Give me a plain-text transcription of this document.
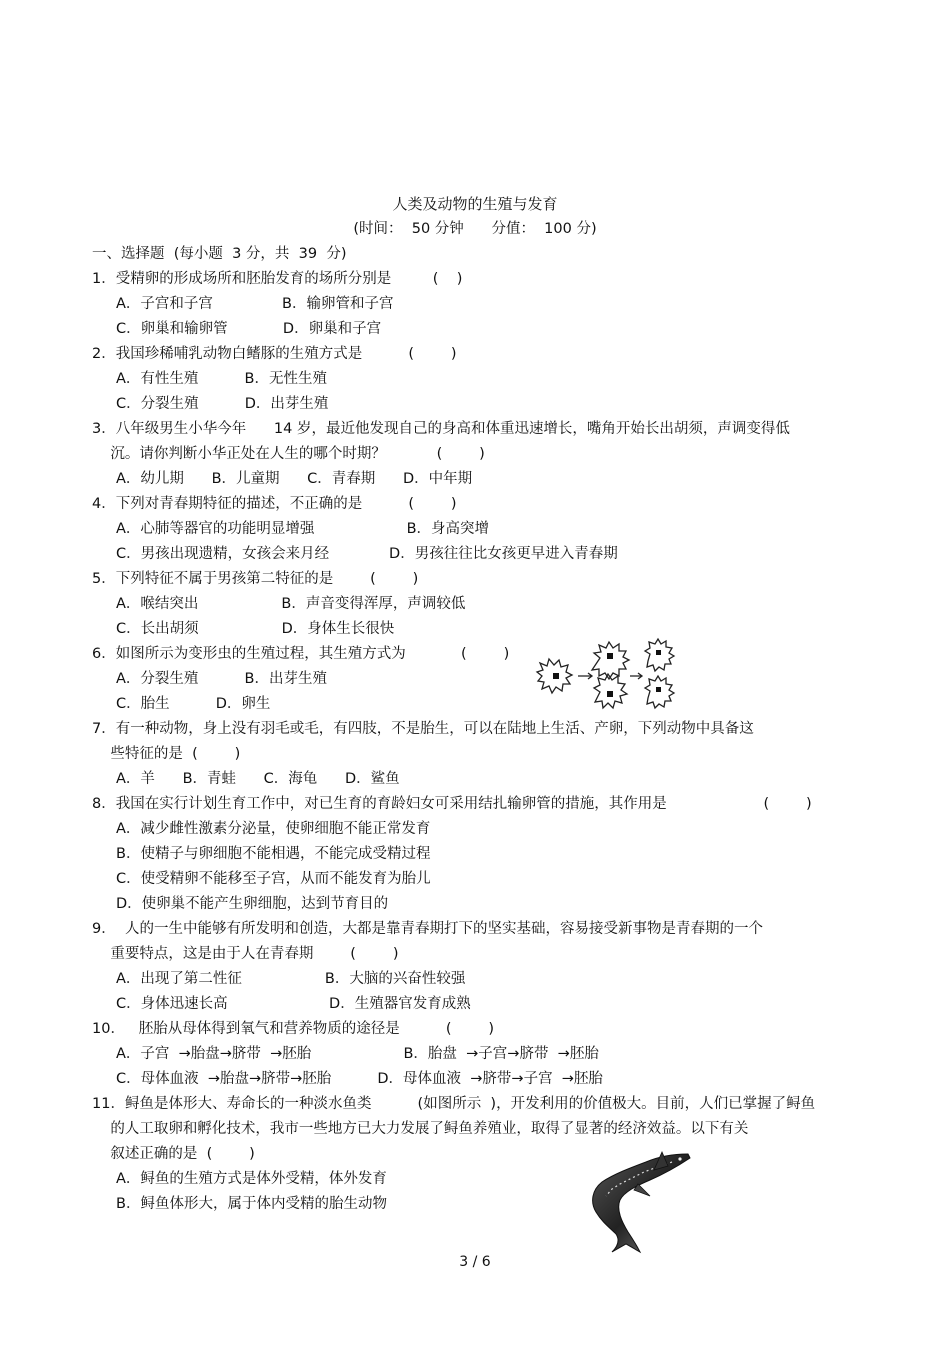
人类及动物的生殖与发育
(时间：  50 分钟      分值：  100 分)
一、选择题  (每小题  3 分，共  39  分)
1．受精卵的形成场所和胚胎发育的场所分别是         (    )
A．子宫和子宫               B．输卵管和子宫
C．卵巢和输卵管            D．卵巢和子宫
2．我国珍稀哺乳动物白鳍豚的生殖方式是          (        )
A．有性生殖          B．无性生殖
C．分裂生殖          D．出芽生殖
3．八年级男生小华今年      14 岁，最近他发现自己的身高和体重迅速增长，嘴角开始长出胡须，声调变得低
沉。请你判断小华正处在人生的哪个时期？           (        )
A．幼儿期      B．儿童期      C．青春期      D．中年期
4．下列对青春期特征的描述，不正确的是          (        )
A．心肺等器官的功能明显增强                    B．身高突增
C．男孩出现遗精，女孩会来月经             D．男孩往往比女孩更早进入青春期
5．下列特征不属于男孩第二特征的是        (        )
A．喉结突出                  B．声音变得浑厚，声调较低
C．长出胡须                  D．身体生长很快
6．如图所示为变形虫的生殖过程，其生殖方式为            (        )
A．分裂生殖          B．出芽生殖
C．胎生          D．卵生
7．有一种动物，身上没有羽毛或毛，有四肢，不是胎生，可以在陆地上生活、产卵，下列动物中具备这
些特征的是  (        )
A．羊      B．青蛙      C．海龟      D．鲨鱼
8．我国在实行计划生育工作中，对已生育的育龄妇女可采用结扎输卵管的措施，其作用是                     (        )
A．减少雌性激素分泌量，使卵细胞不能正常发育
B．使精子与卵细胞不能相遇，不能完成受精过程
C．使受精卵不能移至子宫，从而不能发育为胎儿
D．使卵巢不能产生卵细胞，达到节育目的
9．  人的一生中能够有所发明和创造，大都是靠青春期打下的坚实基础，容易接受新事物是青春期的一个
重要特点，这是由于人在青春期        (        )
A．出现了第二性征                  B．大脑的兴奋性较强
C．身体迅速长高                      D．生殖器官发育成熟
10．   胚胎从母体得到氧气和营养物质的途径是          (        )
A．子宫  →胎盘→脐带  →胚胎                    B．胎盘  →子宫→脐带  →胚胎
C．母体血液  →胎盘→脐带→胚胎          D．母体血液  →脐带→子宫  →胚胎
11．鲟鱼是体形大、寿命长的一种淡水鱼类          (如图所示  )，开发利用的价值极大。目前，人们已掌握了鲟鱼
的人工取卵和孵化技术，我市一些地方已大力发展了鲟鱼养殖业，取得了显著的经济效益。以下有关
叙述正确的是  (        )
A．鲟鱼的生殖方式是体外受精，体外发育
B．鲟鱼体形大，属于体内受精的胎生动物
3 / 6
